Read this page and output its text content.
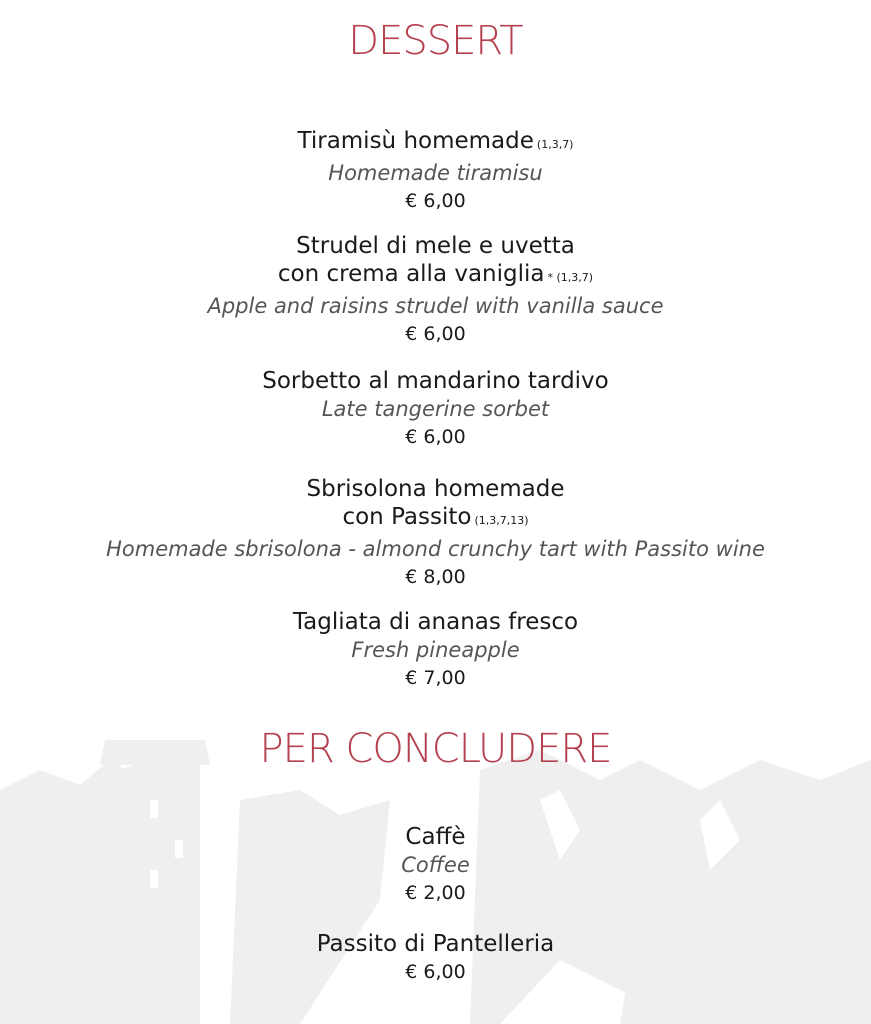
DESSERT
Tiramisù homemade (1,3,7)
Homemade tiramisu
€ 6,00
Strudel di mele e uvetta
con crema alla vaniglia * (1,3,7)
Apple and raisins strudel with vanilla sauce
€ 6,00
Sorbetto al mandarino tardivo
Late tangerine sorbet
€ 6,00
Sbrisolona homemade
con Passito (1,3,7,13)
Homemade sbrisolona - almond crunchy tart with Passito wine
€ 8,00
Tagliata di ananas fresco
Fresh pineapple
€ 7,00
PER CONCLUDERE
Caffè
Coffee
€ 2,00
Passito di Pantelleria
€ 6,00
